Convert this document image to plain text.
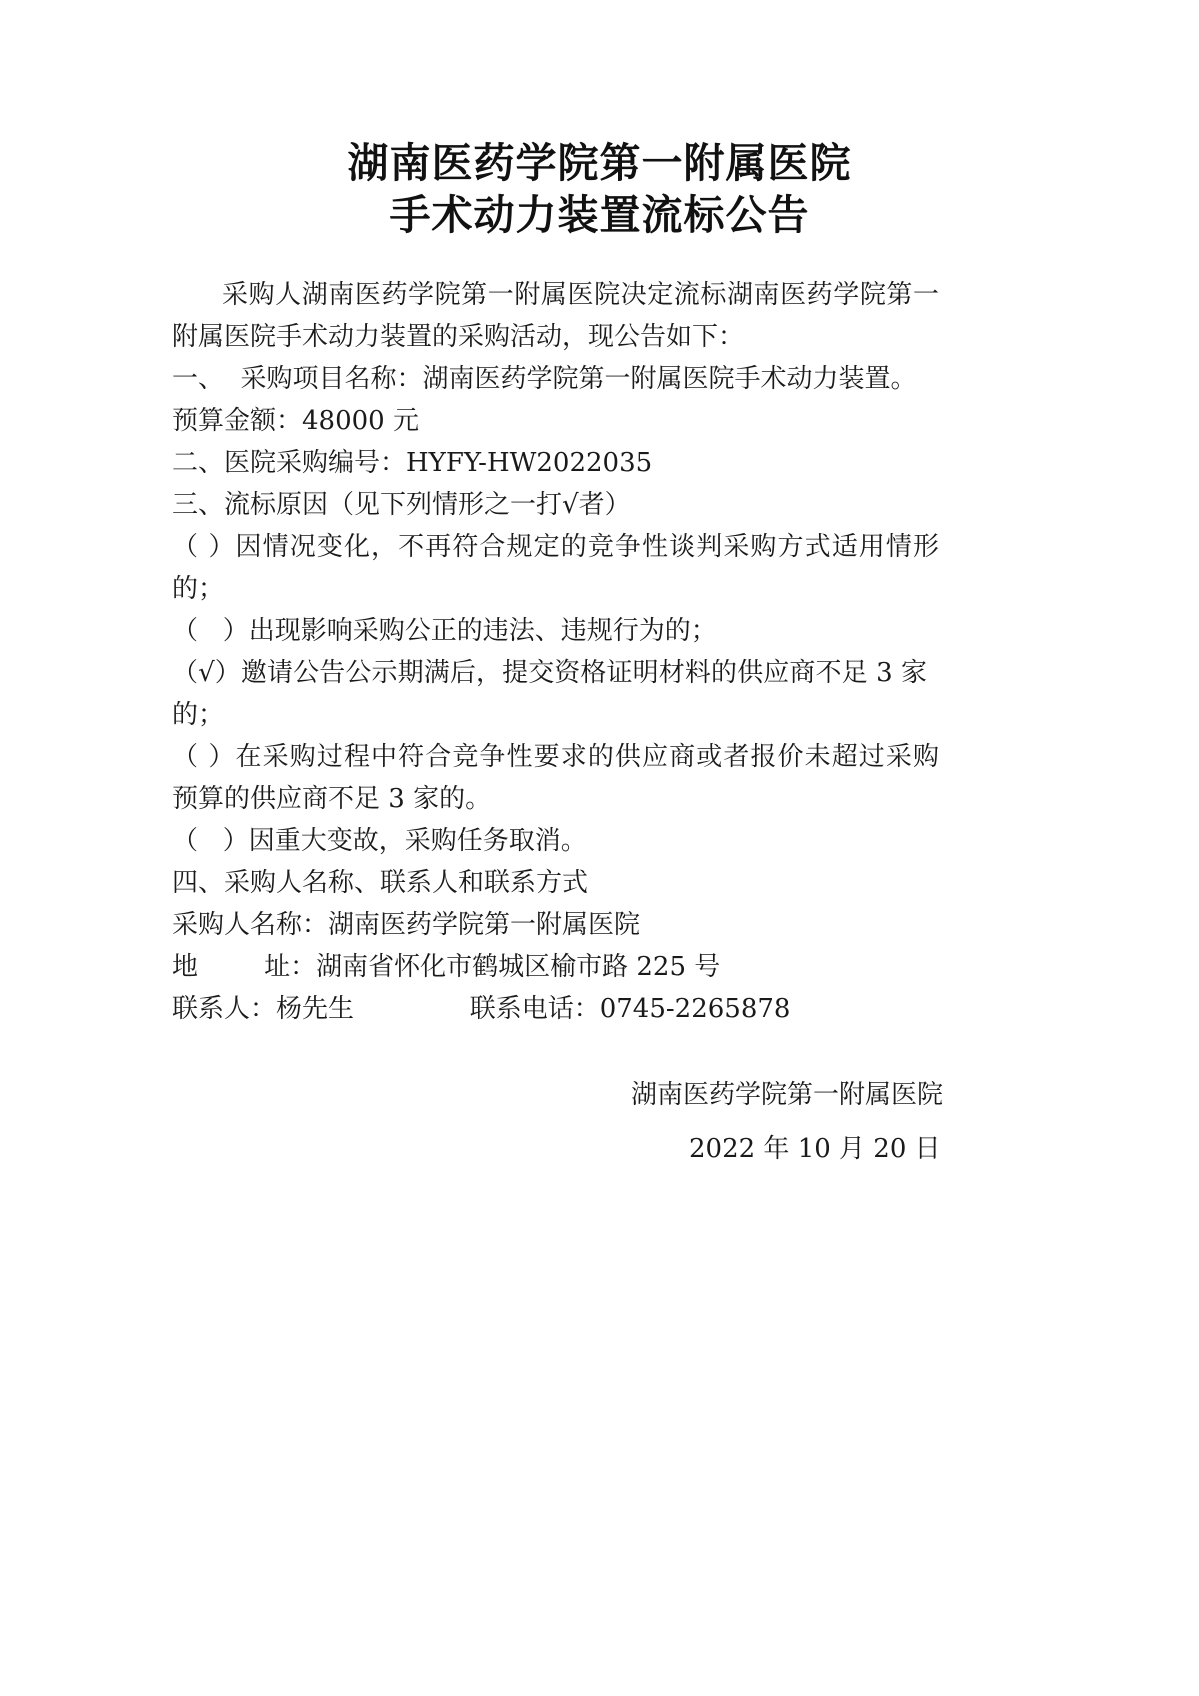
湖南医药学院第一附属医院
手术动力装置流标公告
采购人湖南医药学院第一附属医院决定流标湖南医药学院第一
附属医院手术动力装置的采购活动，现公告如下：
一、  采购项目名称：湖南医药学院第一附属医院手术动力装置。
预算金额：48000 元
二、医院采购编号：HYFY-HW2022035
三、流标原因（见下列情形之一打√者）
（ ）因情况变化，不再符合规定的竞争性谈判采购方式适用情形
的；
（   ）出现影响采购公正的违法、违规行为的；
（√）邀请公告公示期满后，提交资格证明材料的供应商不足 3 家
的；
（ ）在采购过程中符合竞争性要求的供应商或者报价未超过采购
预算的供应商不足 3 家的。
（   ）因重大变故，采购任务取消。
四、采购人名称、联系人和联系方式
采购人名称：湖南医药学院第一附属医院
地        址：湖南省怀化市鹤城区榆市路 225 号
联系人：杨先生              联系电话：0745-2265878
湖南医药学院第一附属医院
2022 年 10 月 20 日
